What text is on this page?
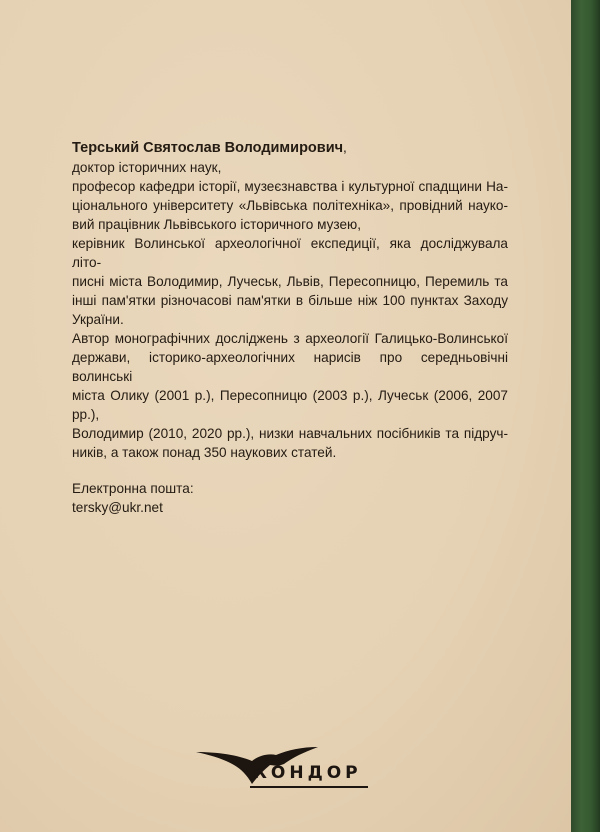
Терський Святослав Володимирович,

доктор історичних наук,

професор кафедри історії, музеєзнавства і культурної спадщини На-

ціонального університету «Львівська політехніка», провідний науко-

вий працівник Львівського історичного музею,

керівник Волинської археологічної експедиції, яка досліджувала літо-

писні міста Володимир, Лучеськ, Львів, Пересопницю, Перемиль та

інші пам'ятки різночасові пам'ятки в більше ніж 100 пунктах Заходу

України.

Автор монографічних досліджень з археології Галицько-Волинської

держави, історико-археологічних нарисів про середньовічні волинські

міста Олику (2001 р.), Пересопницю (2003 р.), Лучеськ (2006, 2007 рр.),

Володимир (2010, 2020 рр.), низки навчальних посібників та підруч-

ників, а також понад 350 наукових статей.

Електронна пошта:

tersky@ukr.net

КОНДОР
